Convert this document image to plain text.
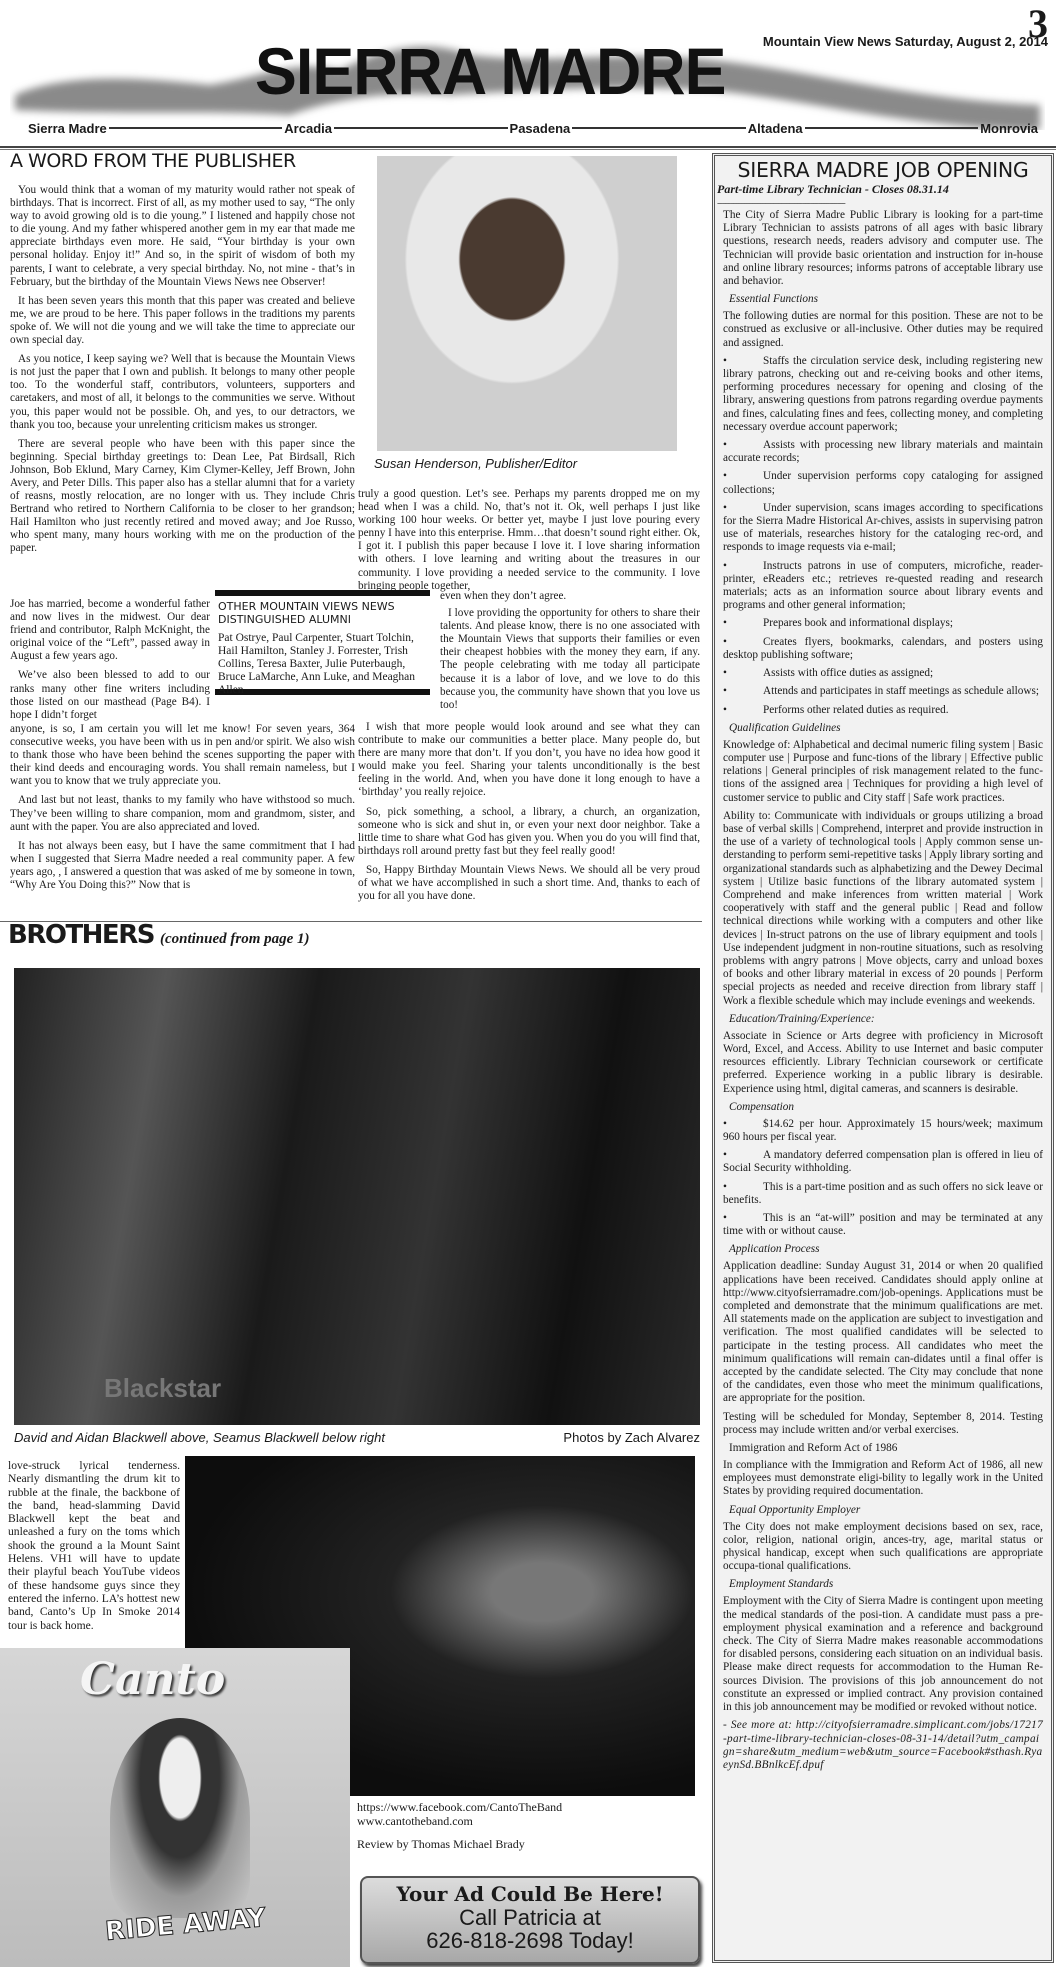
SIERRA MADRE
3
Mountain View News Saturday, August 2, 2014
Sierra Madre	Arcadia	Pasadena	Altadena	Monrovia
A WORD FROM THE PUBLISHER

You would think that a woman of my maturity would rather not speak of birthdays. That is incorrect. First of all, as my mother used to say, “The only way to avoid growing old is to die young.” I listened and happily chose not to die young. And my father whispered another gem in my ear that made me appreciate birthdays even more. He said, “Your birthday is your own personal holiday. Enjoy it!” And so, in the spirit of wisdom of both my parents, I want to celebrate, a very special birthday. No, not mine - that’s in February, but the birthday of the Mountain Views News nee Observer!

It has been seven years this month that this paper was created and believe me, we are proud to be here. This paper follows in the traditions my parents spoke of. We will not die young and we will take the time to appreciate our own special day.

As you notice, I keep saying we? Well that is because the Mountain Views is not just the paper that I own and publish. It belongs to many other people too. To the wonderful staff, contributors, volunteers, supporters and caretakers, and most of all, it belongs to the communities we serve. Without you, this paper would not be possible. Oh, and yes, to our detractors, we thank you too, because your unrelenting criticism makes us stronger.

There are several people who have been with this paper since the beginning. Special birthday greetings to: Dean Lee, Pat Birdsall, Rich Johnson, Bob Eklund, Mary Carney, Kim Clymer-Kelley, Jeff Brown, John Avery, and Peter Dills. This paper also has a stellar alumni that for a variety of reasns, mostly relocation, are no longer with us. They include Chris Bertrand who retired to Northern California to be closer to her grandson; Hail Hamilton who just recently retired and moved away; and Joe Russo, who spent many, many hours working with me on the production of the paper.

Joe has married, become a wonderful father and now lives in the midwest. Our dear friend and contributor, Ralph McKnight, the original voice of the “Left”, passed away in August a few years ago.

We’ve also been blessed to add to our ranks many other fine writers including those listed on our masthead (Page B4). I hope I didn’t forget

anyone, is so, I am certain you will let me know! For seven years, 364 consecutive weeks, you have been with us in pen and/or spirit. We also wish to thank those who have been behind the scenes supporting the paper with their kind deeds and encouraging words. You shall remain nameless, but I want you to know that we truly appreciate you.

And last but not least, thanks to my family who have withstood so much. They’ve been willing to share companion, mom and grandmom, sister, and aunt with the paper. You are also appreciated and loved.

It has not always been easy, but I have the same commitment that I had when I suggested that Sierra Madre needed a real community paper. A few years ago, , I answered a question that was asked of me by someone in town, “Why Are You Doing this?” Now that is

Susan Henderson, Publisher/Editor

truly a good question. Let’s see. Perhaps my parents dropped me on my head when I was a child. No, that’s not it. Ok, well perhaps I just like working 100 hour weeks. Or better yet, maybe I just love pouring every penny I have into this enterprise. Hmm…that doesn’t sound right either. Ok, I got it. I publish this paper because I love it. I love sharing information with others. I love learning and writing about the treasures in our community. I love providing a needed service to the community. I love bringing people together,

even when they don’t agree.

I love providing the opportunity for others to share their talents. And please know, there is no one associated with the Mountain Views that supports their families or even their cheapest hobbies with the money they earn, if any. The people celebrating with me today all participate because it is a labor of love, and we love to do this because you, the community have shown that you love us too!

OTHER MOUNTAIN VIEWS NEWS DISTINGUISHED ALUMNI
Pat Ostrye, Paul Carpenter, Stuart Tolchin, Hail Hamilton, Stanley J. Forrester, Trish Collins, Teresa Baxter, Julie Puterbaugh, Bruce LaMarche, Ann Luke, and Meaghan Allen

I wish that more people would look around and see what they can contribute to make our communities a better place. Many people do, but there are many more that don’t. If you don’t, you have no idea how good it would make you feel. Sharing your talents unconditionally is the best feeling in the world. And, when you have done it long enough to have a ‘birthday’ you really rejoice.

So, pick something, a school, a library, a church, an organization, someone who is sick and shut in, or even your next door neighbor. Take a little time to share what God has given you. When you do you will find that, birthdays roll around pretty fast but they feel really good!

So, Happy Birthday Mountain Views News. We should all be very proud of what we have accomplished in such a short time. And, thanks to each of you for all you have done.

SIERRA MADRE JOB OPENING
Part-time Library Technician - Closes 08.31.14
------------------------------------------------
The City of Sierra Madre Public Library is looking for a part-time Library Technician to assists patrons of all ages with basic library questions, research needs, readers advisory and computer use. The Technician will provide basic orientation and instruction for in-house and online library resources; informs patrons of acceptable library use and behavior.
Essential Functions
The following duties are normal for this position. These are not to be construed as exclusive or all-inclusive. Other duties may be required and assigned.
•	Staffs the circulation service desk, including registering new library patrons, checking out and re-ceiving books and other items, performing procedures necessary for opening and closing of the library, answering questions from patrons regarding overdue payments and fines, calculating fines and fees, collecting money, and completing necessary overdue account paperwork;
•	Assists with processing new library materials and maintain accurate records;
•	Under supervision performs copy cataloging for assigned collections;
•	Under supervision, scans images according to specifications for the Sierra Madre Historical Ar-chives, assists in supervising patron use of materials, researches history for the cataloging rec-ord, and responds to image requests via e-mail;
•	Instructs patrons in use of computers, microfiche, reader-printer, eReaders etc.; retrieves re-quested reading and research materials; acts as an information source about library events and programs and other general information;
•	Prepares book and informational displays;
•	Creates flyers, bookmarks, calendars, and posters using desktop publishing software;
•	Assists with office duties as assigned;
•	Attends and participates in staff meetings as schedule allows;
•	Performs other related duties as required.
Qualification Guidelines
Knowledge of: Alphabetical and decimal numeric filing system | Basic computer use | Purpose and func-tions of the library | Effective public relations | General principles of risk management related to the func-tions of the assigned area | Techniques for providing a high level of customer service to public and City staff | Safe work practices.
Ability to: Communicate with individuals or groups utilizing a broad base of verbal skills | Comprehend, interpret and provide instruction in the use of a variety of technological tools | Apply common sense un-derstanding to perform semi-repetitive tasks | Apply library sorting and organizational standards such as alphabetizing and the Dewey Decimal system | Utilize basic functions of the library automated system | Comprehend and make inferences from written material | Work cooperatively with staff and the general public | Read and follow technical directions while working with a computers and other like devices | In-struct patrons on the use of library equipment and tools | Use independent judgment in non-routine situations, such as resolving problems with angry patrons | Move objects, carry and unload boxes of books and other library material in excess of 20 pounds | Perform special projects as needed and receive direction from library staff | Work a flexible schedule which may include evenings and weekends.
Education/Training/Experience:
Associate in Science or Arts degree with proficiency in Microsoft Word, Excel, and Access. Ability to use Internet and basic computer resources efficiently. Library Technician coursework or certificate preferred. Experience working in a public library is desirable. Experience using html, digital cameras, and scanners is desirable.
Compensation
•	$14.62 per hour. Approximately 15 hours/week; maximum 960 hours per fiscal year.
•	A mandatory deferred compensation plan is offered in lieu of Social Security withholding.
•	This is a part-time position and as such offers no sick leave or benefits.
•	This is an “at-will” position and may be terminated at any time with or without cause.
Application Process
Application deadline: Sunday August 31, 2014 or when 20 qualified applications have been received. Candidates should apply online at http://www.cityofsierramadre.com/job-openings. Applications must be completed and demonstrate that the minimum qualifications are met. All statements made on the application are subject to investigation and verification. The most qualified candidates will be selected to participate in the testing process. All candidates who meet the minimum qualifications will remain can-didates until a final offer is accepted by the candidate selected. The City may conclude that none of the candidates, even those who meet the minimum qualifications, are appropriate for the position.
Testing will be scheduled for Monday, September 8, 2014. Testing process may include written and/or verbal exercises.
Immigration and Reform Act of 1986
In compliance with the Immigration and Reform Act of 1986, all new employees must demonstrate eligi-bility to legally work in the United States by providing required documentation.
Equal Opportunity Employer
The City does not make employment decisions based on sex, race, color, religion, national origin, ances-try, age, marital status or physical handicap, except when such qualifications are appropriate occupa-tional qualifications.
Employment Standards
Employment with the City of Sierra Madre is contingent upon meeting the medical standards of the posi-tion. A candidate must pass a pre-employment physical examination and a reference and background check. The City of Sierra Madre makes reasonable accommodations for disabled persons, considering each situation on an individual basis. Please make direct requests for accommodation to the Human Re-sources Division. The provisions of this job announcement do not constitute an expressed or implied contract. Any provision contained in this job announcement may be modified or revoked without notice.
- See more at: http://cityofsierramadre.simplicant.com/jobs/17217-part-time-library-technician-closes-08-31-14/detail?utm_campaign=share&utm_medium=web&utm_source=Facebook#sthash.RyaeynSd.BBnlkcEf.dpuf
BROTHERS (continued from page 1)
Blackstar
David and Aidan Blackwell above, Seamus Blackwell below right	Photos by Zach Alvarez
love-struck lyrical tenderness. Nearly dismantling the drum kit to rubble at the finale, the backbone of the band, head-slamming David Blackwell kept the beat and unleashed a fury on the toms which shook the ground a la Mount Saint Helens. VH1 will have to update their playful beach YouTube videos of these handsome guys since they entered the inferno. LA’s hottest new band, Canto’s Up In Smoke 2014 tour is back home.
Canto
RIDE AWAY
https://www.facebook.com/CantoTheBand
www.cantotheband.com
Review by Thomas Michael Brady
Your Ad Could Be Here!
Call Patricia at
626-818-2698 Today!
